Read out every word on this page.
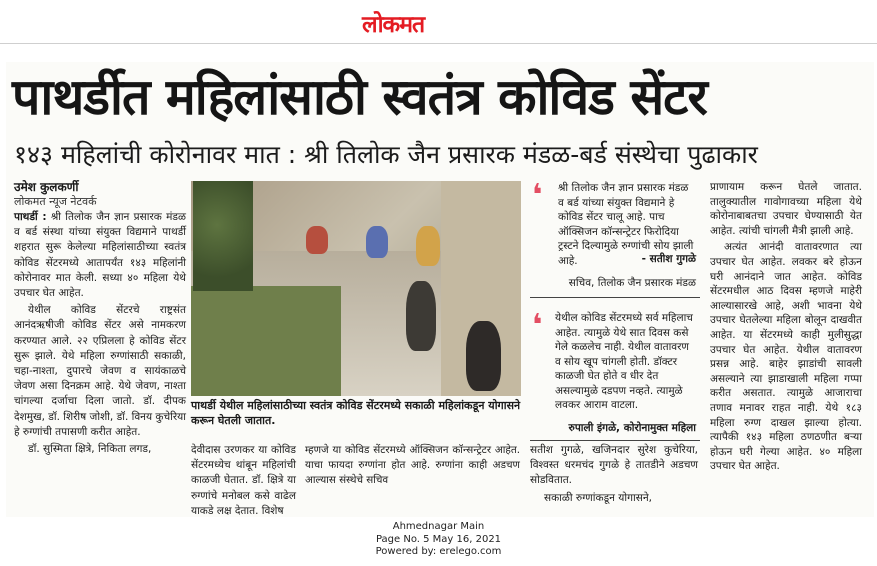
लोकमत
पाथर्डीत महिलांसाठी स्वतंत्र कोविड सेंटर
१४३ महिलांची कोरोनावर मात : श्री तिलोक जैन प्रसारक मंडळ-बर्ड संस्थेचा पुढाकार
उमेश कुलकर्णी
लोकमत न्यूज नेटवर्क

पाथर्डी : श्री तिलोक जैन ज्ञान प्रसारक मंडळ व बर्ड संस्था यांच्या संयुक्त विद्यमाने पाथर्डी शहरात सुरू केलेल्या महिलांसाठीच्या स्वतंत्र कोविड सेंटरमध्ये आतापर्यंत १४३ महिलांनी कोरोनावर मात केली. सध्या ४० महिला येथे उपचार घेत आहेत.

येथील कोविड सेंटरचे राष्ट्रसंत आनंदऋषीजी कोविड सेंटर असे नामकरण करण्यात आले. २२ एप्रिलला हे कोविड सेंटर सुरू झाले. येथे महिला रुग्णांसाठी सकाळी, चहा-नाश्ता, दुपारचे जेवण व सायंकाळचे जेवण असा दिनक्रम आहे. येथे जेवण, नाश्ता चांगल्या दर्जाचा दिला जातो. डॉ. दीपक देशमुख, डॉ. शिरीष जोशी, डॉ. विनय कुचेरिया हे रुग्णांची तपासणी करीत आहेत.

डॉ. सुस्मिता क्षित्रे, निकिता लगड,

पाथर्डी येथील महिलांसाठीच्या स्वतंत्र कोविड सेंटरमध्ये सकाळी महिलांकडून योगासने करून घेतली जातात.

देवीदास उरणकर या कोविड सेंटरमध्येच थांबून महिलांची काळजी घेतात. डॉ. क्षित्रे या रुग्णांचे मनोबल कसे वाढेल याकडे लक्ष देतात. विशेष

म्हणजे या कोविड सेंटरमध्ये ऑक्सिजन कॉन्सन्ट्रेटर आहेत. याचा फायदा रुग्णांना होत आहे. रुग्णांना काही अडचण आल्यास संस्थेचे सचिव

❛ श्री तिलोक जैन ज्ञान प्रसारक मंडळ व बर्ड यांच्या संयुक्त विद्यमाने हे कोविड सेंटर चालू आहे. पाच ऑक्सिजन कॉन्सन्ट्रेटर फिरोदिया ट्रस्टने दिल्यामुळे रुग्णांची सोय झाली आहे.	- सतीश गुगळे
सचिव, तिलोक जैन प्रसारक मंडळ
❛ येथील कोविड सेंटरमध्ये सर्व महिलाच आहेत. त्यामुळे येथे सात दिवस कसे गेले कळलेच नाही. येथील वातावरण व सोय खूप चांगली होती. डॉक्टर काळजी घेत होते व धीर देत असल्यामुळे दडपण नव्हते. त्यामुळे लवकर आराम वाटला.
रुपाली इंगळे, कोरोनामुक्त महिला

सतीश गुगळे, खजिनदार सुरेश कुचेरिया, विश्वस्त धरमचंद गुगळे हे तातडीने अडचण सोडवितात.

सकाळी रुग्णांकडून योगासने,

प्राणायाम करून घेतले जातात. तालुक्यातील गावोगावच्या महिला येथे कोरोनाबाबतचा उपचार घेण्यासाठी येत आहेत. त्यांची चांगली मैत्री झाली आहे.

अत्यंत आनंदी वातावरणात त्या उपचार घेत आहेत. लवकर बरे होऊन घरी आनंदाने जात आहेत. कोविड सेंटरमधील आठ दिवस म्हणजे माहेरी आल्यासारखे आहे, अशी भावना येथे उपचार घेतलेल्या महिला बोलून दाखवीत आहेत. या सेंटरमध्ये काही मुलीसुद्धा उपचार घेत आहेत. येथील वातावरण प्रसन्न आहे. बाहेर झाडांची सावली असल्याने त्या झाडाखाली महिला गप्पा करीत असतात. त्यामुळे आजाराचा तणाव मनावर राहत नाही. येथे १८३ महिला रुग्ण दाखल झाल्या होत्या. त्यापैकी १४३ महिला ठणठणीत बऱ्या होऊन घरी गेल्या आहेत. ४० महिला उपचार घेत आहेत.

Ahmednagar Main
Page No. 5 May 16, 2021
Powered by: erelego.com
